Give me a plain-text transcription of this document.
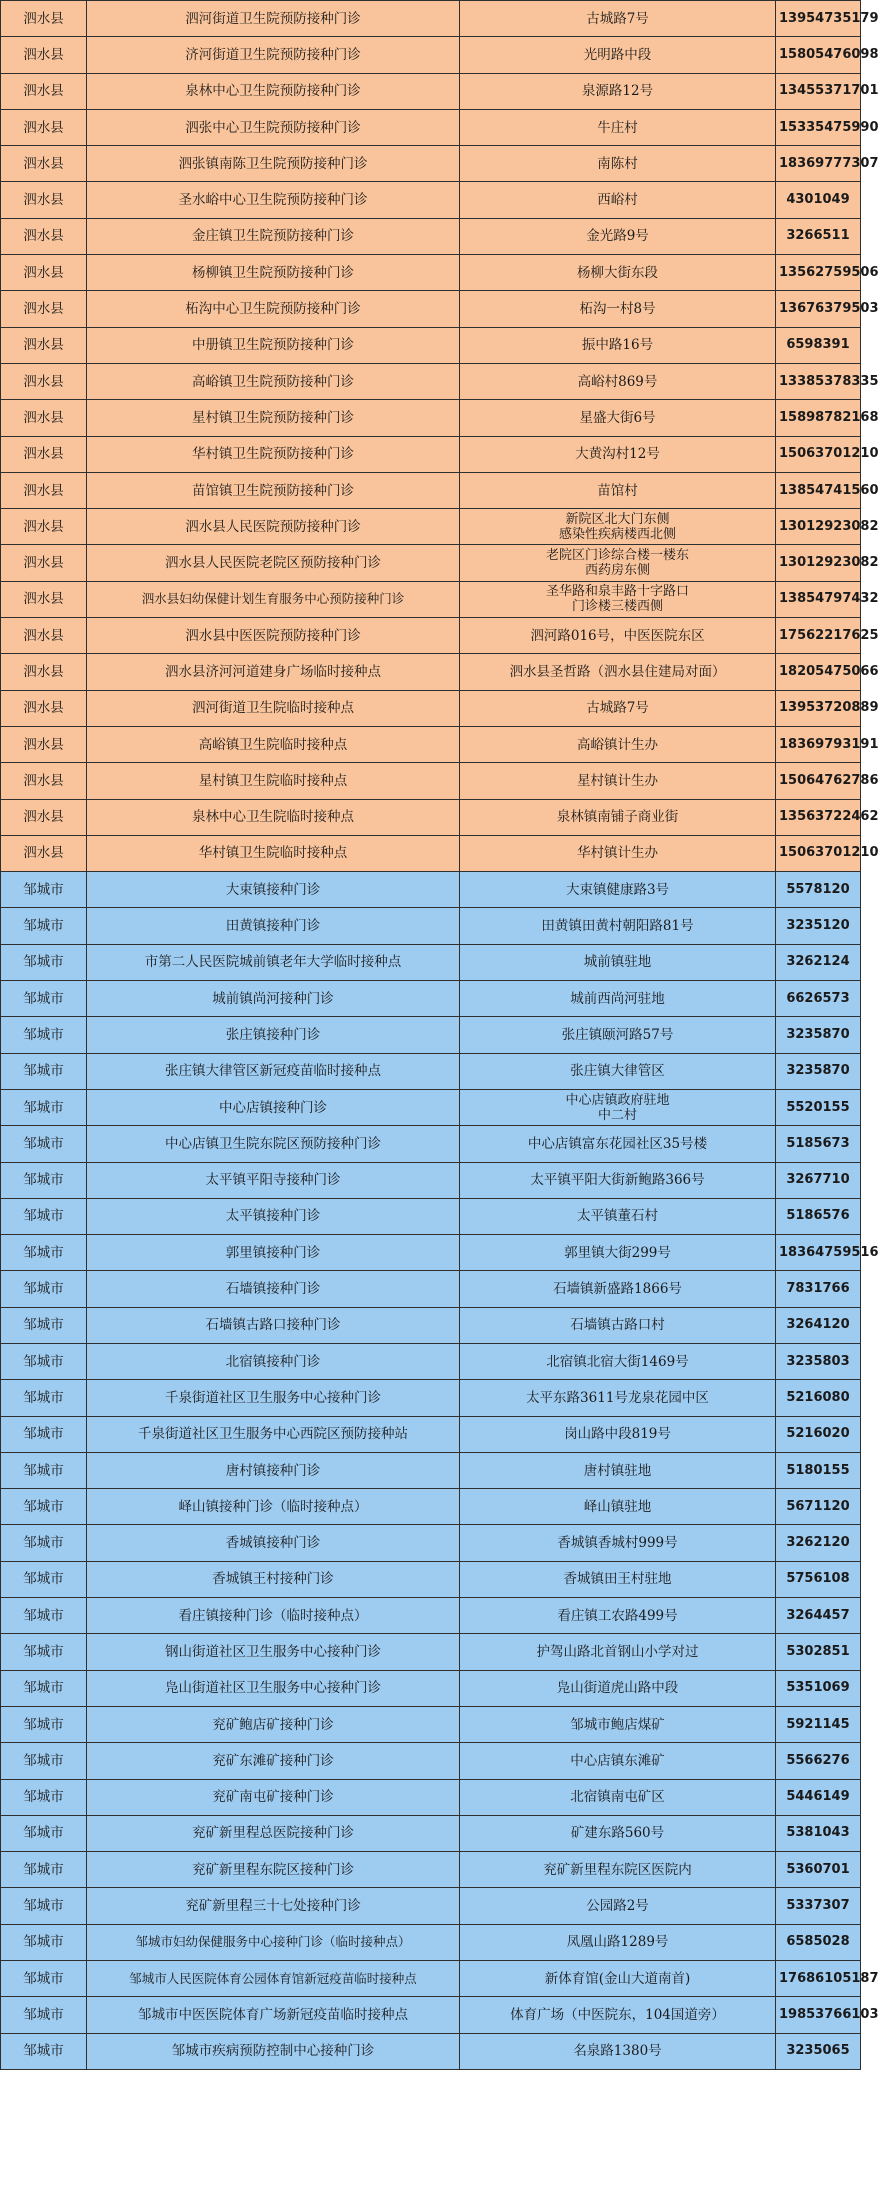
泗水县	泗河街道卫生院预防接种门诊	古城路7号	13954735179
泗水县	济河街道卫生院预防接种门诊	光明路中段	15805476098
泗水县	泉林中心卫生院预防接种门诊	泉源路12号	13455371701
泗水县	泗张中心卫生院预防接种门诊	牛庄村	15335475990
泗水县	泗张镇南陈卫生院预防接种门诊	南陈村	18369777307
泗水县	圣水峪中心卫生院预防接种门诊	西峪村	4301049
泗水县	金庄镇卫生院预防接种门诊	金光路9号	3266511
泗水县	杨柳镇卫生院预防接种门诊	杨柳大街东段	13562759506
泗水县	柘沟中心卫生院预防接种门诊	柘沟一村8号	13676379503
泗水县	中册镇卫生院预防接种门诊	振中路16号	6598391
泗水县	高峪镇卫生院预防接种门诊	高峪村869号	13385378335
泗水县	星村镇卫生院预防接种门诊	星盛大街6号	15898782168
泗水县	华村镇卫生院预防接种门诊	大黄沟村12号	15063701210
泗水县	苗馆镇卫生院预防接种门诊	苗馆村	13854741560
泗水县	泗水县人民医院预防接种门诊	新院区北大门东侧
感染性疾病楼西北侧	13012923082
泗水县	泗水县人民医院老院区预防接种门诊	老院区门诊综合楼一楼东
西药房东侧	13012923082
泗水县	泗水县妇幼保健计划生育服务中心预防接种门诊	圣华路和泉丰路十字路口
门诊楼三楼西侧	13854797432
泗水县	泗水县中医医院预防接种门诊	泗河路016号，中医医院东区	17562217625
泗水县	泗水县济河河道建身广场临时接种点	泗水县圣哲路（泗水县住建局对面）	18205475066
泗水县	泗河街道卫生院临时接种点	古城路7号	13953720889
泗水县	高峪镇卫生院临时接种点	高峪镇计生办	18369793191
泗水县	星村镇卫生院临时接种点	星村镇计生办	15064762786
泗水县	泉林中心卫生院临时接种点	泉林镇南铺子商业街	13563722462
泗水县	华村镇卫生院临时接种点	华村镇计生办	15063701210
邹城市	大束镇接种门诊	大束镇健康路3号	5578120
邹城市	田黄镇接种门诊	田黄镇田黄村朝阳路81号	3235120
邹城市	市第二人民医院城前镇老年大学临时接种点	城前镇驻地	3262124
邹城市	城前镇尚河接种门诊	城前西尚河驻地	6626573
邹城市	张庄镇接种门诊	张庄镇颐河路57号	3235870
邹城市	张庄镇大律管区新冠疫苗临时接种点	张庄镇大律管区	3235870
邹城市	中心店镇接种门诊	中心店镇政府驻地
中二村	5520155
邹城市	中心店镇卫生院东院区预防接种门诊	中心店镇富东花园社区35号楼	5185673
邹城市	太平镇平阳寺接种门诊	太平镇平阳大街新鲍路366号	3267710
邹城市	太平镇接种门诊	太平镇董石村	5186576
邹城市	郭里镇接种门诊	郭里镇大街299号	18364759516
邹城市	石墙镇接种门诊	石墙镇新盛路1866号	7831766
邹城市	石墙镇古路口接种门诊	石墙镇古路口村	3264120
邹城市	北宿镇接种门诊	北宿镇北宿大街1469号	3235803
邹城市	千泉街道社区卫生服务中心接种门诊	太平东路3611号龙泉花园中区	5216080
邹城市	千泉街道社区卫生服务中心西院区预防接种站	岗山路中段819号	5216020
邹城市	唐村镇接种门诊	唐村镇驻地	5180155
邹城市	峄山镇接种门诊（临时接种点）	峄山镇驻地	5671120
邹城市	香城镇接种门诊	香城镇香城村999号	3262120
邹城市	香城镇王村接种门诊	香城镇田王村驻地	5756108
邹城市	看庄镇接种门诊（临时接种点）	看庄镇工农路499号	3264457
邹城市	钢山街道社区卫生服务中心接种门诊	护驾山路北首钢山小学对过	5302851
邹城市	凫山街道社区卫生服务中心接种门诊	凫山街道虎山路中段	5351069
邹城市	兖矿鲍店矿接种门诊	邹城市鲍店煤矿	5921145
邹城市	兖矿东滩矿接种门诊	中心店镇东滩矿	5566276
邹城市	兖矿南屯矿接种门诊	北宿镇南屯矿区	5446149
邹城市	兖矿新里程总医院接种门诊	矿建东路560号	5381043
邹城市	兖矿新里程东院区接种门诊	兖矿新里程东院区医院内	5360701
邹城市	兖矿新里程三十七处接种门诊	公园路2号	5337307
邹城市	邹城市妇幼保健服务中心接种门诊（临时接种点）	凤凰山路1289号	6585028
邹城市	邹城市人民医院体育公园体育馆新冠疫苗临时接种点	新体育馆(金山大道南首)	17686105187
邹城市	邹城市中医医院体育广场新冠疫苗临时接种点	体育广场（中医院东，104国道旁）	19853766103
邹城市	邹城市疾病预防控制中心接种门诊	名泉路1380号	3235065
